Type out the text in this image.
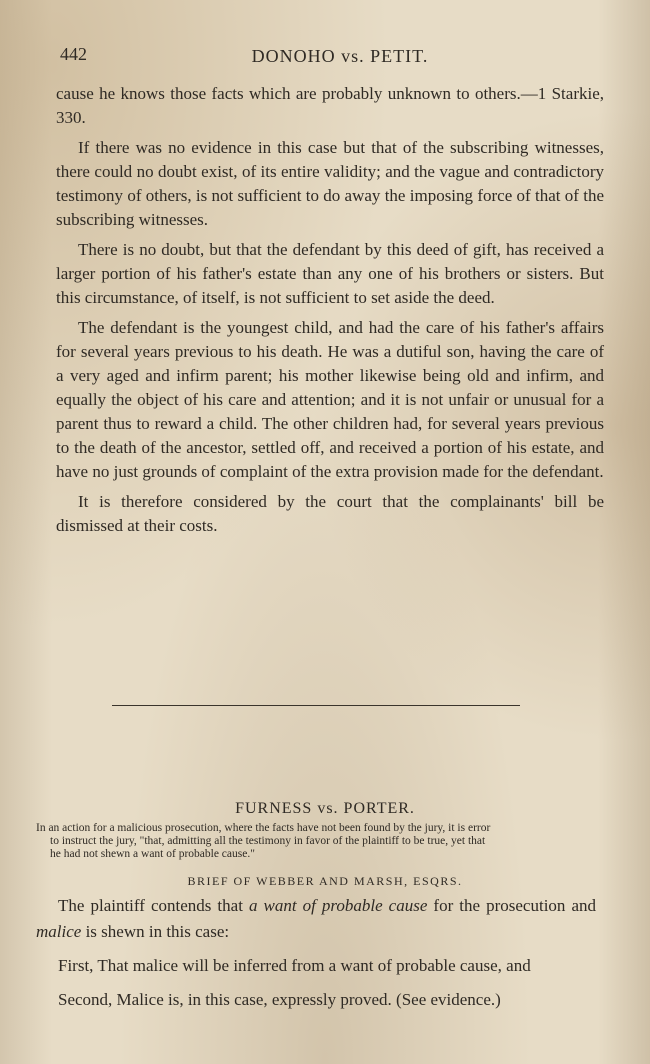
442	DONOHO vs. PETIT.

cause he knows those facts which are probably unknown to others.—1 Starkie, 330.

If there was no evidence in this case but that of the subscribing witnesses, there could no doubt exist, of its entire validity; and the vague and contradictory testimony of others, is not sufficient to do away the imposing force of that of the subscribing witnesses.

There is no doubt, but that the defendant by this deed of gift, has received a larger portion of his father's estate than any one of his brothers or sisters. But this circumstance, of itself, is not sufficient to set aside the deed.

The defendant is the youngest child, and had the care of his father's affairs for several years previous to his death. He was a dutiful son, having the care of a very aged and infirm parent; his mother likewise being old and infirm, and equally the object of his care and attention; and it is not unfair or unusual for a parent thus to reward a child. The other children had, for several years previous to the death of the ancestor, settled off, and received a portion of his estate, and have no just grounds of complaint of the extra provision made for the defendant.

It is therefore considered by the court that the complainants' bill be dismissed at their costs.

FURNESS vs. PORTER.
In an action for a malicious prosecution, where the facts have not been found by the jury, it is error
to instruct the jury, "that, admitting all the testimony in favor of the plaintiff to be true, yet that
he had not shewn a want of probable cause."
BRIEF OF WEBBER AND MARSH, ESQRS.

The plaintiff contends that a want of probable cause for the prosecution and malice is shewn in this case:

First, That malice will be inferred from a want of probable cause, and

Second, Malice is, in this case, expressly proved. (See evidence.)
